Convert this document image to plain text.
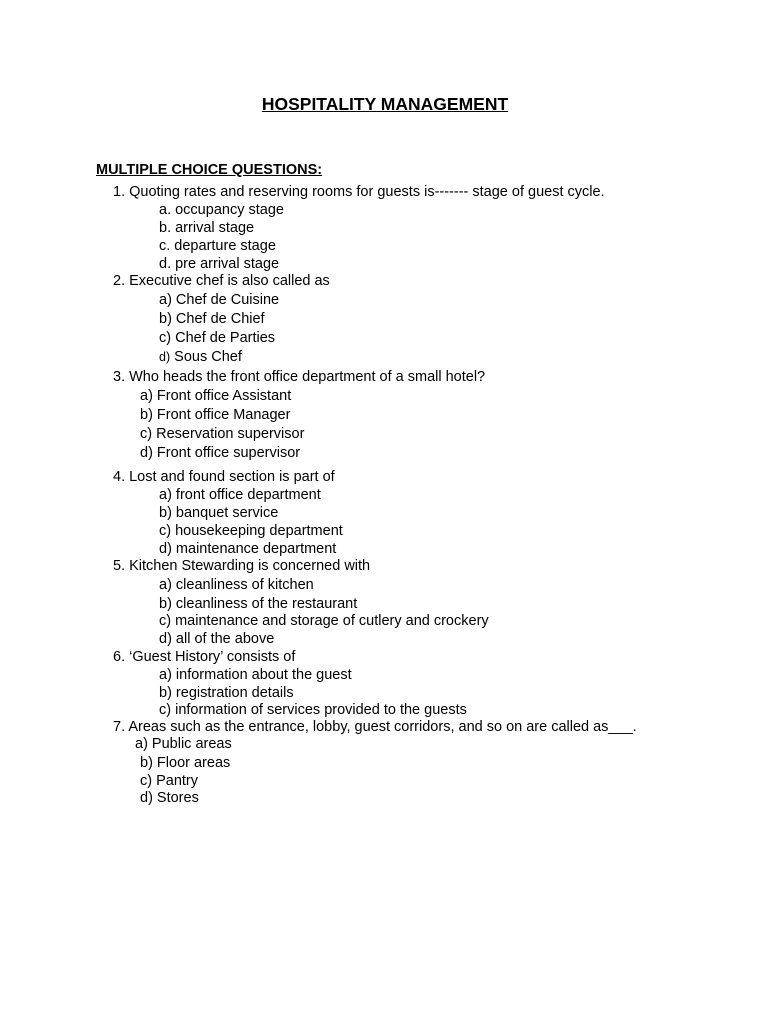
HOSPITALITY MANAGEMENT
MULTIPLE CHOICE QUESTIONS:
1. Quoting rates and reserving rooms for guests is------- stage of guest cycle.
a. occupancy stage
b. arrival stage
c. departure stage
d. pre arrival stage
2. Executive chef is also called as
a) Chef de Cuisine
b) Chef de Chief
c) Chef de Parties
d) Sous Chef
3. Who heads the front office department of a small hotel?
a) Front office Assistant
b) Front office Manager
c) Reservation supervisor
d) Front office supervisor
4. Lost and found section is part of
a) front office department
b) banquet service
c) housekeeping department
d) maintenance department
5. Kitchen Stewarding is concerned with
a) cleanliness of kitchen
b) cleanliness of the restaurant
c) maintenance and storage of cutlery and crockery
d) all of the above
6. ‘Guest History’ consists of
a) information about the guest
b) registration details
c) information of services provided to the guests
7. Areas such as the entrance, lobby, guest corridors, and so on are called as___.
a) Public areas
b) Floor areas
c) Pantry
d) Stores
